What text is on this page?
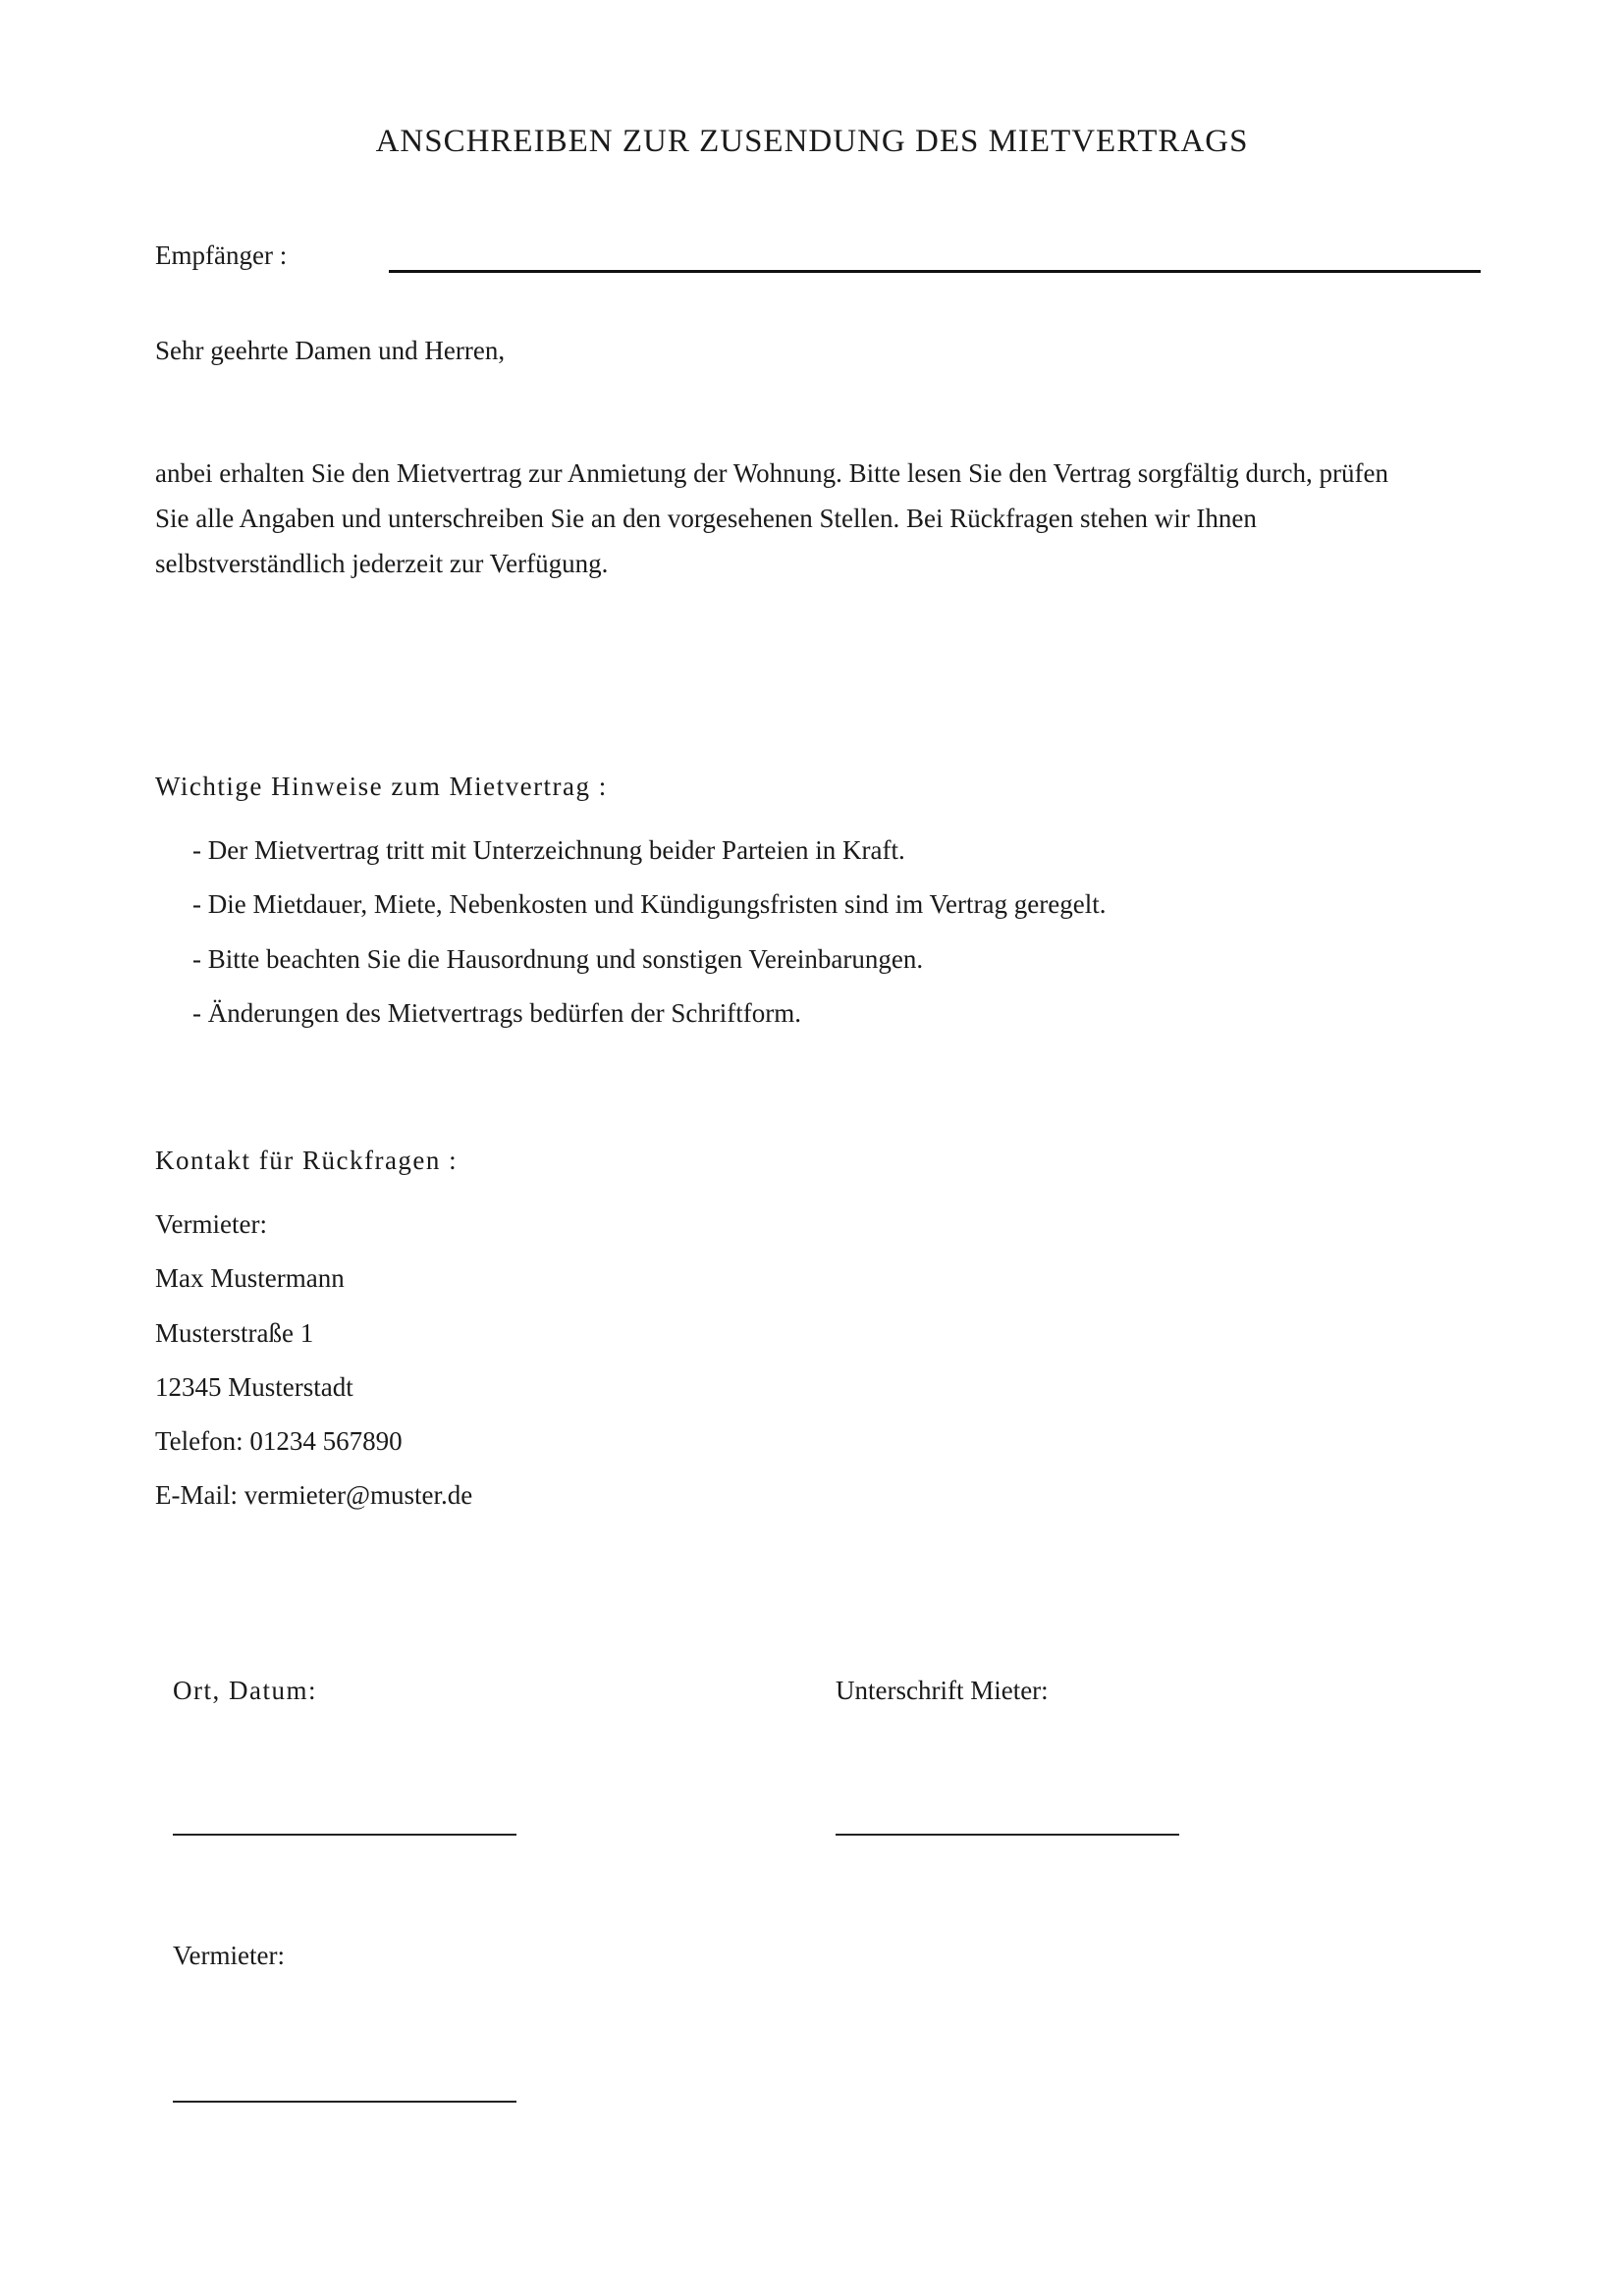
ANSCHREIBEN ZUR ZUSENDUNG DES MIETVERTRAGS
Empfänger :
Sehr geehrte Damen und Herren,

anbei erhalten Sie den Mietvertrag zur Anmietung der Wohnung. Bitte lesen Sie den Vertrag sorgfältig durch, prüfen

Sie alle Angaben und unterschreiben Sie an den vorgesehenen Stellen. Bei Rückfragen stehen wir Ihnen

selbstverständlich jederzeit zur Verfügung.

Wichtige Hinweise zum Mietvertrag :
- Der Mietvertrag tritt mit Unterzeichnung beider Parteien in Kraft.
- Die Mietdauer, Miete, Nebenkosten und Kündigungsfristen sind im Vertrag geregelt.
- Bitte beachten Sie die Hausordnung und sonstigen Vereinbarungen.
- Änderungen des Mietvertrags bedürfen der Schriftform.
Kontakt für Rückfragen :
Vermieter:
Max Mustermann
Musterstraße 1
12345 Musterstadt
Telefon: 01234 567890
E-Mail: vermieter@muster.de
Ort, Datum:	Unterschrift Mieter:
Vermieter:
